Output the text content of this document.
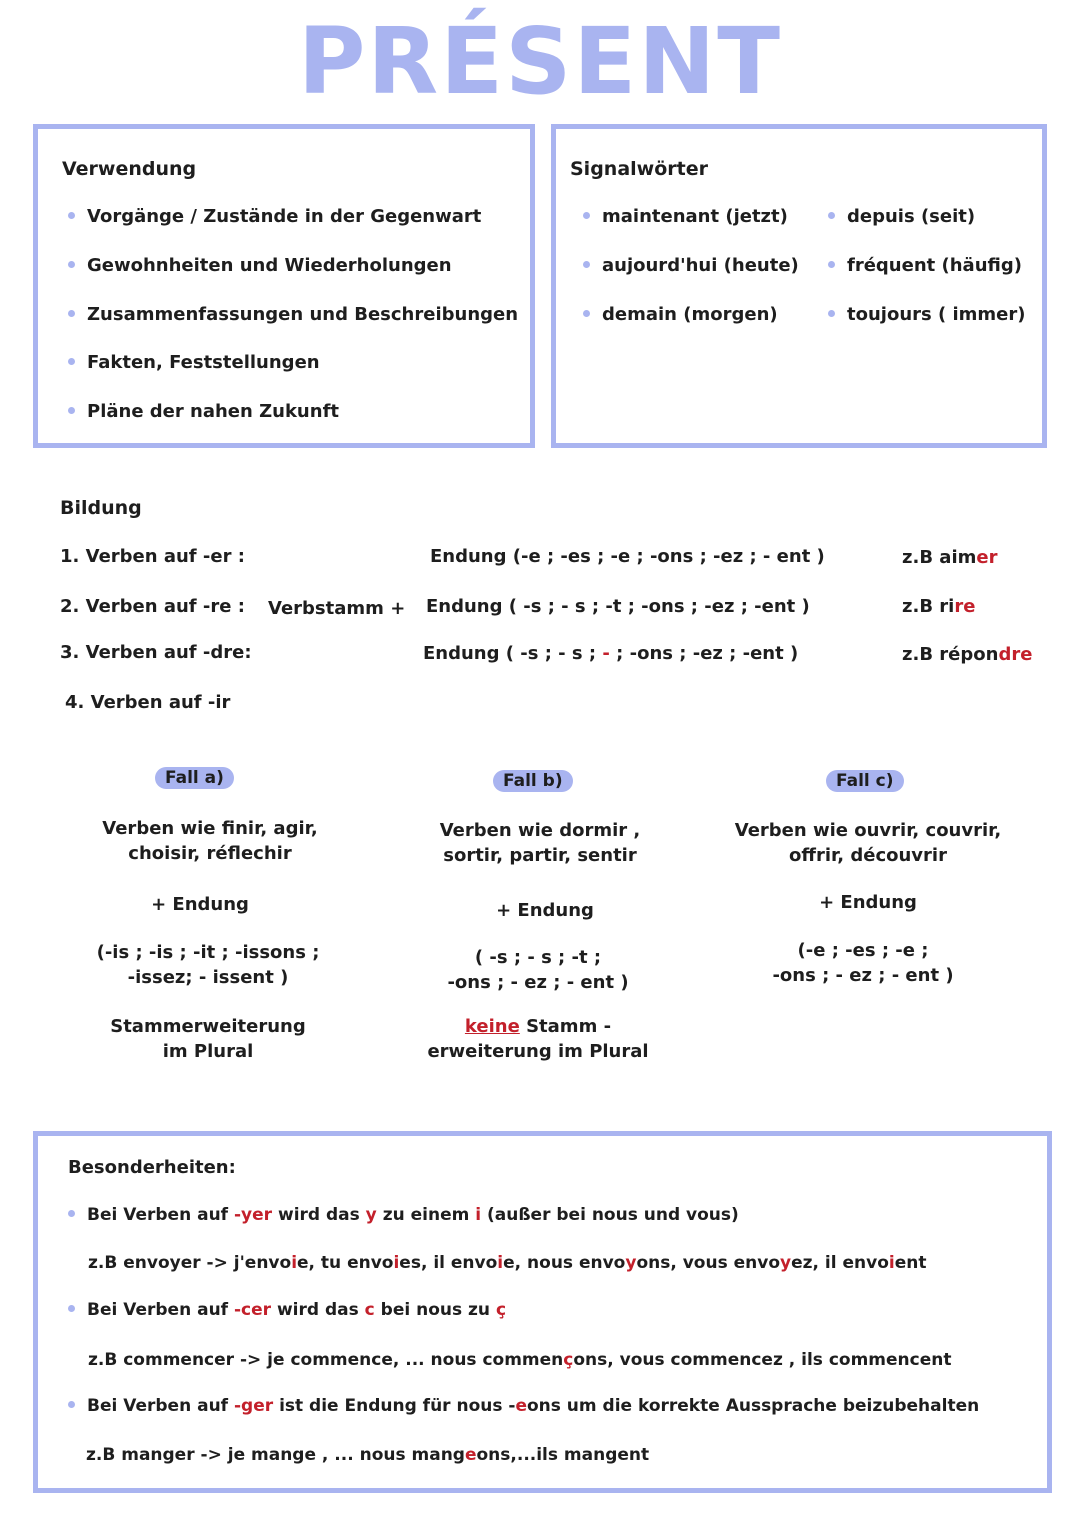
PRÉSENT
Verwendung
Vorgänge / Zustände in der Gegenwart
Gewohnheiten und Wiederholungen
Zusammenfassungen und Beschreibungen
Fakten, Feststellungen
Pläne der nahen Zukunft
Signalwörter
maintenant (jetzt)
aujourd'hui (heute)
demain (morgen)
depuis (seit)
fréquent (häufig)
toujours ( immer)
Bildung
1. Verben auf -er :
2. Verben auf -re :
3. Verben auf -dre:
4. Verben auf -ir
Verbstamm +
Endung (-e ; -es ; -e ; -ons ; -ez ; - ent )
Endung ( -s ; - s ; -t ; -ons ; -ez ; -ent )
Endung ( -s ; - s ; - ; -ons ; -ez ; -ent )
z.B aimer
z.B rire
z.B répondre
Fall a)
Verben wie finir, agir,
choisir, réflechir
+ Endung
(-is ; -is ; -it ; -issons ;
-issez; - issent )
Stammerweiterung
im Plural
Fall b)
Verben wie dormir ,
sortir, partir, sentir
+ Endung
( -s ; - s ; -t ;
-ons ; - ez ; - ent )
keine Stamm -
erweiterung im Plural
Fall c)
Verben wie ouvrir, couvrir,
offrir, découvrir
+ Endung
(-e ; -es ; -e ;
-ons ; - ez ; - ent )
Besonderheiten:
Bei Verben auf -yer wird das y zu einem i (außer bei nous und vous)
z.B envoyer -> j'envoie, tu envoies, il envoie, nous envoyons, vous envoyez, il envoient
Bei Verben auf -cer wird das c bei nous zu ç
z.B commencer -> je commence, ... nous commençons, vous commencez , ils commencent
Bei Verben auf -ger ist die Endung für nous -eons um die korrekte Aussprache beizubehalten
z.B manger -> je mange , ... nous mangeons,...ils mangent
